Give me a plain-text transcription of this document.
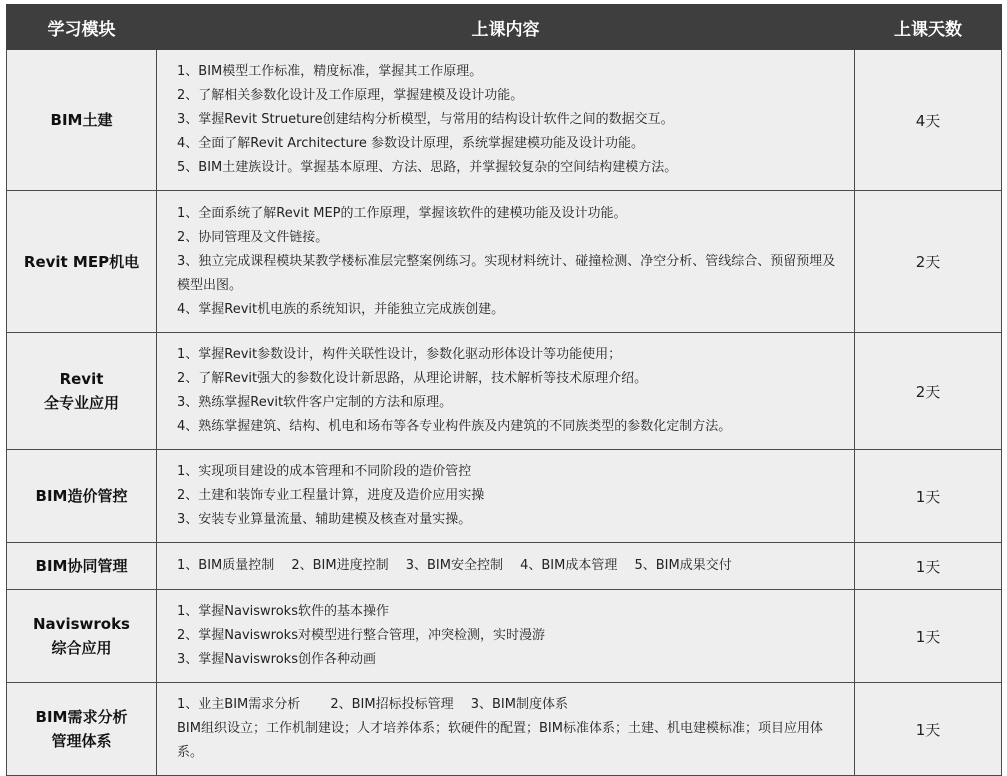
学习模块	上课内容	上课天数

BIM土建	1、BIM模型工作标准，精度标准，掌握其工作原理。
2、了解相关参数化设计及工作原理，掌握建模及设计功能。
3、掌握Revit Strueture创建结构分析模型，与常用的结构设计软件之间的数据交互。
4、全面了解Revit Architecture 参数设计原理，系统掌握建模功能及设计功能。
5、BIM土建族设计。掌握基本原理、方法、思路，并掌握较复杂的空间结构建模方法。	4天

Revit MEP机电	1、全面系统了解Revit MEP的工作原理，掌握该软件的建模功能及设计功能。
2、协同管理及文件链接。
3、独立完成课程模块某教学楼标准层完整案例练习。实现材料统计、碰撞检测、净空分析、管线综合、预留预埋及模型出图。
4、掌握Revit机电族的系统知识，并能独立完成族创建。	2天

Revit
全专业应用	1、掌握Revit参数设计，构件关联性设计，参数化驱动形体设计等功能使用；
2、了解Revit强大的参数化设计新思路，从理论讲解，技术解析等技术原理介绍。
3、熟练掌握Revit软件客户定制的方法和原理。
4、熟练掌握建筑、结构、机电和场布等各专业构件族及内建筑的不同族类型的参数化定制方法。	2天

BIM造价管控	1、实现项目建设的成本管理和不同阶段的造价管控
2、土建和装饰专业工程量计算，进度及造价应用实操
3、安装专业算量流量、辅助建模及核查对量实操。	1天

BIM协同管理	1、BIM质量控制　 2、BIM进度控制　 3、BIM安全控制　 4、BIM成本管理　 5、BIM成果交付	1天

Naviswroks
综合应用	1、掌握Naviswroks软件的基本操作
2、掌握Naviswroks对模型进行整合管理，冲突检测，实时漫游
3、掌握Naviswroks创作各种动画	1天

BIM需求分析
管理体系	1、业主BIM需求分析　　 2、BIM招标投标管理　 3、BIM制度体系
BIM组织设立；工作机制建设；人才培养体系；软硬件的配置；BIM标准体系；土建、机电建模标准；项目应用体系。	1天
